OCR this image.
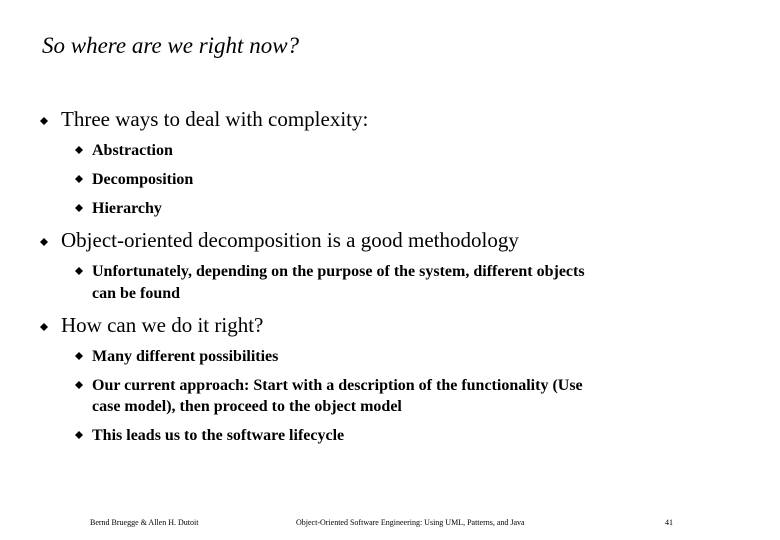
So where are we right now?
Three ways to deal with complexity:
Abstraction
Decomposition
Hierarchy
Object-oriented decomposition is a good methodology
Unfortunately, depending on the purpose of the system, different objects
can be found
How can we do it right?
Many different possibilities
Our current approach: Start with a description of the functionality (Use
case model), then proceed to the object model
This leads us to the software lifecycle
Bernd Bruegge & Allen H. Dutoit	Object-Oriented Software Engineering: Using UML, Patterns, and Java	41
